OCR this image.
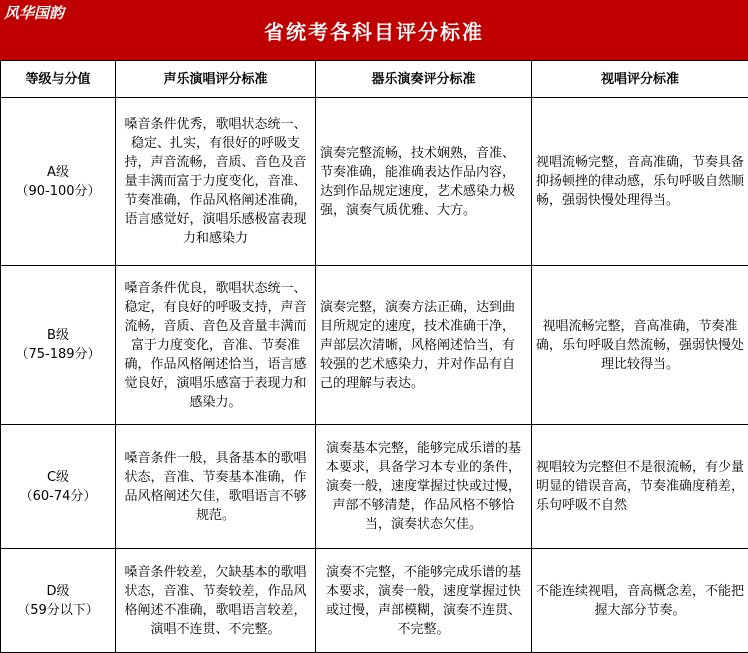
风华国韵
省统考各科目评分标准
等级与分值	声乐演唱评分标准	器乐演奏评分标准	视唱评分标准

A级
（90-100分）	嗓音条件优秀，歌唱状态统一、稳定、扎实，有很好的呼吸支持，声音流畅，音质、音色及音量丰满而富于力度变化，音准、节奏准确，作品风格阐述准确，语言感觉好，演唱乐感极富表现力和感染力	演奏完整流畅，技术娴熟，音准、节奏准确，能准确表达作品内容，达到作品规定速度，艺术感染力极强，演奏气质优雅、大方。	视唱流畅完整，音高准确，节奏具备抑扬顿挫的律动感，乐句呼吸自然顺畅，强弱快慢处理得当。

B级
（75-189分）	嗓音条件优良，歌唱状态统一、稳定，有良好的呼吸支持，声音流畅，音质、音色及音量丰满而富于力度变化，音准、节奏准确，作品风格阐述恰当，语言感觉良好，演唱乐感富于表现力和感染力。	演奏完整，演奏方法正确，达到曲目所规定的速度，技术准确干净，声部层次清晰，风格阐述恰当，有较强的艺术感染力，并对作品有自己的理解与表达。	视唱流畅完整，音高准确，节奏准确，乐句呼吸自然流畅，强弱快慢处理比较得当。

C级
（60-74分）	嗓音条件一般，具备基本的歌唱状态，音准、节奏基本准确，作品风格阐述欠佳，歌唱语言不够规范。	演奏基本完整，能够完成乐谱的基本要求，具备学习本专业的条件，演奏一般，速度掌握过快或过慢，声部不够清楚，作品风格不够恰当，演奏状态欠佳。	视唱较为完整但不是很流畅，有少量明显的错误音高，节奏准确度稍差，乐句呼吸不自然

D级
（59分以下）	嗓音条件较差，欠缺基本的歌唱状态，音准、节奏较差，作品风格阐述不准确，歌唱语言较差，演唱不连贯、不完整。	演奏不完整，不能够完成乐谱的基本要求，演奏一般，速度掌握过快或过慢，声部模糊，演奏不连贯、不完整。	不能连续视唱，音高概念差，不能把握大部分节奏。
